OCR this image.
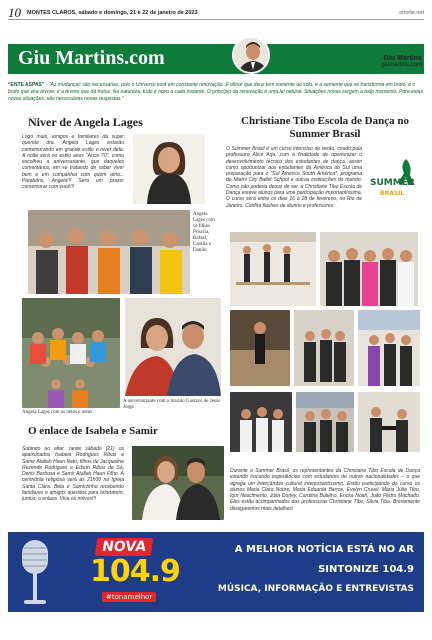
10 MONTES CLAROS, sábado e domingo, 21 e 22 de janeiro de 2023	onorte.net
Giu Martins.com	Giu Martins
giumartins.com
“ENTE ASPAS” - “As mudanças são necessárias, pois o Universo está em constante renovação. É afinar que deus tem somente ao solo, é a semente que se transforma em broto, é o broto que vira árvore, é a árvore que dá frutos. Na natureza, tudo é novo a cada instante. O princípio da renovação é uma lei natural. Situações novas surgem a todo momento. Para estas novas situações, são necessárias novas respostas.”
Niver de Angela Lages
Logo mais, amigos e familiares da super querida dra. Angela Lages estarão comemorando em grande estilo o niver dela. A noite será no estilo anos "Anos 70", como escolheu a aniversariante, que daqueles comentários, em se tratando de saber viver bem e em companhia com quem ama... Parabéns, Angela!!! Será um prazer comemorar com você!!!
Angela Lages com os filhos Priscila, Rafael, Camila e Danilo
Angela Lages com os netos e netas
A aniversariante com o marido Gustavo de Jesus Jorge
O enlace de Isabela e Samir
Subindo ao altar, neste sábado (21) os apaixonados Isabela Rodrigues Ribas e Samir Atallah Haun Neto, filhos de Jacqueline Rezende Rodrigues e Edson Ribas de Sá, Denis Barbosa e Samir Atallah Haun Filho. A cerimônia religiosa será às 21h00 na Igreja Santa Clara. Bela e Samirzinho recebendo familiares e amigos queridos para brindarem, juntos, o enlace. Viva os noivos!!!
Christiane Tibo Escola de Dança no Summer Brasil
O Summer Brasil é um curso intensivo de verão, criado pela professora Alice Arja, com a finalidade de oportunizar o desenvolvimento técnico dos estudantes de dança, assim como oportunizar aos estudantes da América do Sul uma preparação para o "Sul América South América", programa do Miami City Ballet School e outras instituições do mundo. Como não poderia deixar de ser, a Christiane Tibo Escola de Dança esteve alunos para uma participação importantíssima. O curso será entre os dias 16 a 28 de fevereiro, no Rio de Janeiro. Confira flashes de alunos e professores:
SUMMER
BRASIL
Durante o Summer Brasil, os representantes da Christiane Tibo Escola de Dança estando trocando experiências com estudantes de outras nacionalidades – o que agrega um intercâmbio cultural interessantíssimo. Estão participando do curso os alunos Maria Clara Nobre, Maria Eduarda Barros, Evelyn Cruvel, Maria Júlia Tibo, Igor Nascimento, Júlia Durley, Carolina Botelho, Ericka Noah, João Pedro Machado. Eles estão acompanhados das professoras Christiane Tibo, Silvia Tibo. Brevemente divulgaremos mais detalhes!
NOVA
104.9
#tonamelhor
A MELHOR NOTÍCIA ESTÁ NO AR
SINTONIZE 104.9
MÚSICA, INFORMAÇÃO E ENTREVISTAS
